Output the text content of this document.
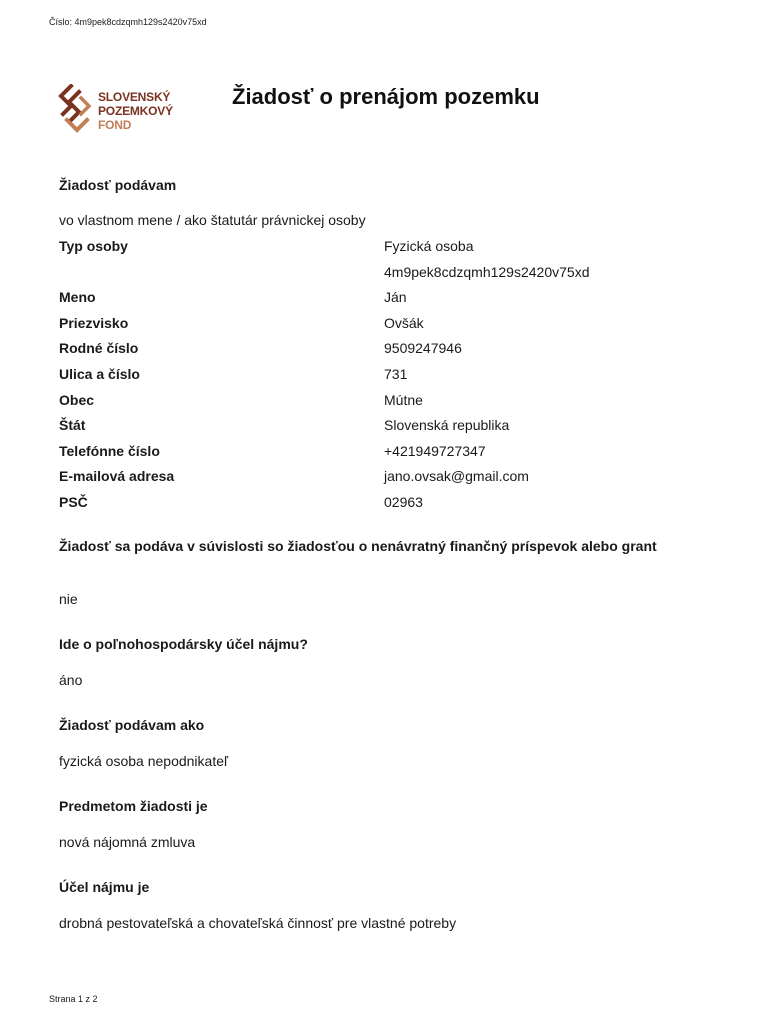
Číslo: 4m9pek8cdzqmh129s2420v75xd
SLOVENSKÝ
POZEMKOVÝ
FOND
Žiadosť o prenájom pozemku

Žiadosť podávam

vo vlastnom mene / ako štatutár právnickej osoby

Typ osoby	Fyzická osoba
4m9pek8cdzqmh129s2420v75xd
Meno	Ján
Priezvisko	Ovšák
Rodné číslo	9509247946
Ulica a číslo	731
Obec	Mútne
Štát	Slovenská republika
Telefónne číslo	+421949727347
E-mailová adresa	jano.ovsak@gmail.com
PSČ	02963

Žiadosť sa podáva v súvislosti so žiadosťou o nenávratný finančný príspevok alebo grant

nie

Ide o poľnohospodársky účel nájmu?

áno

Žiadosť podávam ako

fyzická osoba nepodnikateľ

Predmetom žiadosti je

nová nájomná zmluva

Účel nájmu je

drobná pestovateľská a chovateľská činnosť pre vlastné potreby

Strana 1 z 2
